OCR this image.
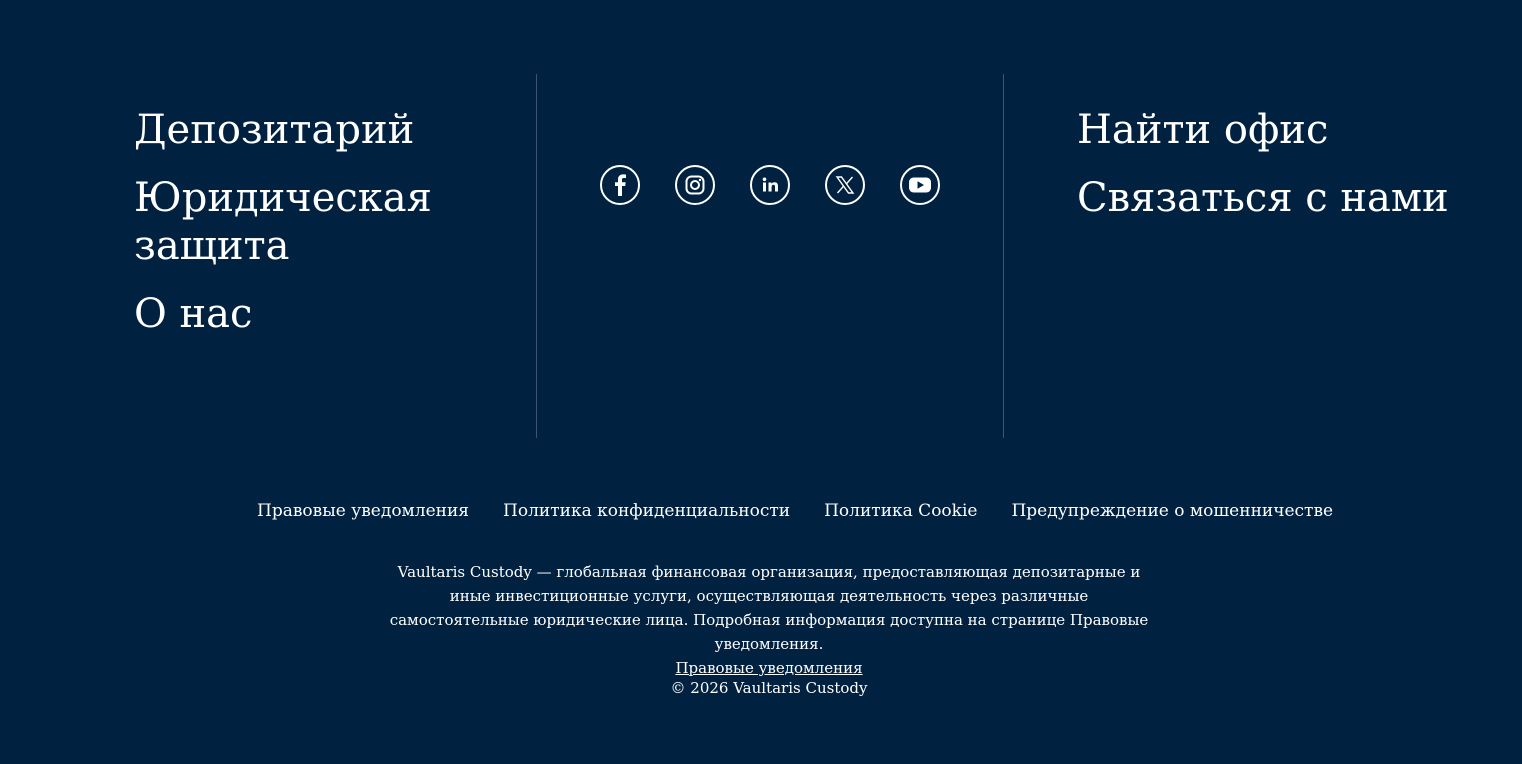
Депозитарий
Юридическая защита
О нас
Найти офис
Связаться с нами
Правовые уведомления Политика конфиденциальности Политика Cookie Предупреждение о мошенничестве
Vaultaris Custody — глобальная финансовая организация, предоставляющая депозитарные и иные инвестиционные услуги, осуществляющая деятельность через различные самостоятельные юридические лица. Подробная информация доступна на странице Правовые уведомления.
Правовые уведомления
© 2026 Vaultaris Custody
